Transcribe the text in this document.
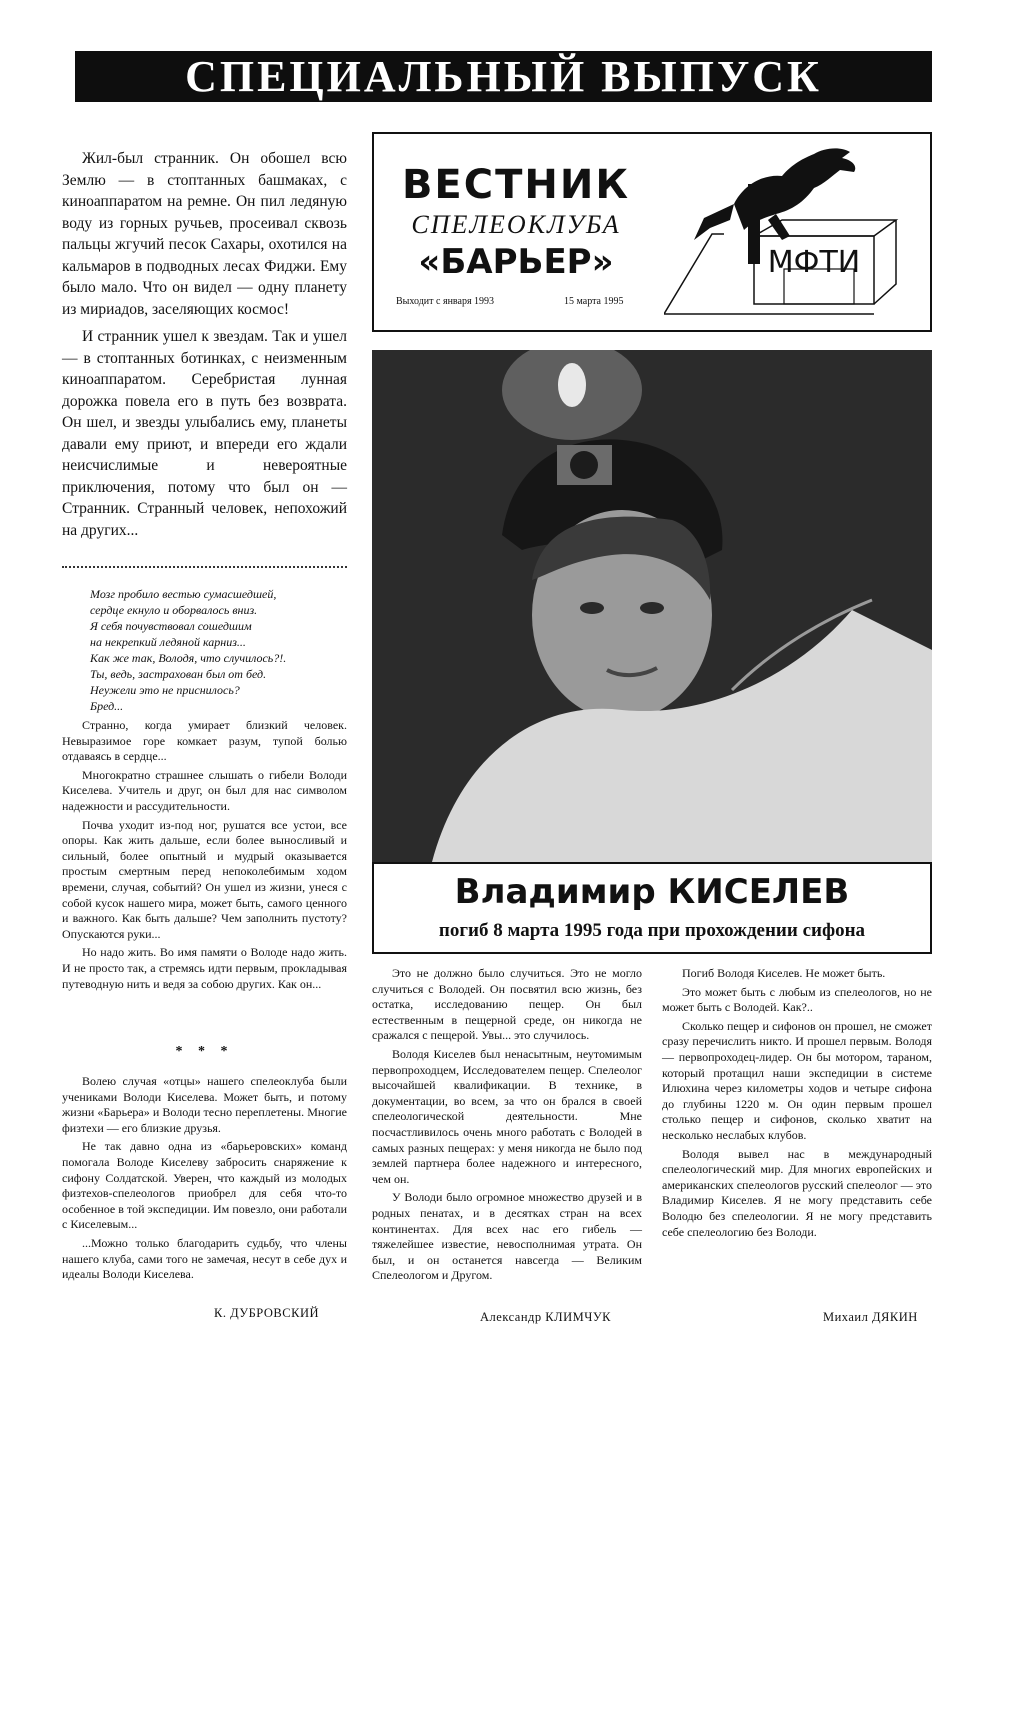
СПЕЦИАЛЬНЫЙ ВЫПУСК
ВЕСТНИК
СПЕЛЕОКЛУБА
«БАРЬЕР»
Выходит с января 1993	15 марта 1995
МФТИ

Жил-был странник. Он обошел всю Землю — в стоптанных башмаках, с киноаппаратом на ремне. Он пил ледяную воду из горных ручьев, просеивал сквозь пальцы жгучий песок Сахары, охотился на кальмаров в подводных лесах Фиджи. Ему было мало. Что он видел — одну планету из мириадов, заселяющих космос!

И странник ушел к звездам. Так и ушел — в стоптанных ботинках, с неизменным киноаппаратом. Серебристая лунная дорожка повела его в путь без возврата. Он шел, и звезды улыбались ему, планеты давали ему приют, и впереди его ждали неисчислимые и невероятные приключения, потому что был он — Странник. Странный человек, непохожий на других...

Мозг пробило вестью сумасшедшей,
сердце екнуло и оборвалось вниз.
Я себя почувствовал сошедшим
на некрепкий ледяной карниз...
Как же так, Володя, что случилось?!.
Ты, ведь, застрахован был от бед.
Неужели это не приснилось?
Бред...

Странно, когда умирает близкий человек. Невыразимое горе комкает разум, тупой болью отдаваясь в сердце...

Многократно страшнее слышать о гибели Володи Киселева. Учитель и друг, он был для нас символом надежности и рассудительности.

Почва уходит из-под ног, рушатся все устои, все опоры. Как жить дальше, если более выносливый и сильный, более опытный и мудрый оказывается простым смертным перед непоколебимым ходом времени, случая, событий? Он ушел из жизни, унеся с собой кусок нашего мира, может быть, самого ценного и важного. Как быть дальше? Чем заполнить пустоту? Опускаются руки...

Но надо жить. Во имя памяти о Володе надо жить. И не просто так, а стремясь идти первым, прокладывая путеводную нить и ведя за собою других. Как он...

* * *

Волею случая «отцы» нашего спелеоклуба были учениками Володи Киселева. Может быть, и потому жизни «Барьера» и Володи тесно переплетены. Многие физтехи — его близкие друзья.

Не так давно одна из «барьеровских» команд помогала Володе Киселеву забросить снаряжение к сифону Солдатской. Уверен, что каждый из молодых физтехов-спелеологов приобрел для себя что-то особенное в той экспедиции. Им повезло, они работали с Киселевым...

...Можно только благодарить судьбу, что члены нашего клуба, сами того не замечая, несут в себе дух и идеалы Володи Киселева.

К. ДУБРОВСКИЙ
Владимир КИСЕЛЕВ
погиб 8 марта 1995 года при прохождении сифона

Это не должно было случиться. Это не могло случиться с Володей. Он посвятил всю жизнь, без остатка, исследованию пещер. Он был естественным в пещерной среде, он никогда не сражался с пещерой. Увы... это случилось.

Володя Киселев был ненасытным, неутомимым первопроходцем, Исследователем пещер. Спелеолог высочайшей квалификации. В технике, в документации, во всем, за что он брался в своей спелеологической деятельности. Мне посчастливилось очень много работать с Володей в самых разных пещерах: у меня никогда не было под землей партнера более надежного и интересного, чем он.

У Володи было огромное множество друзей и в родных пенатах, и в десятках стран на всех континентах. Для всех нас его гибель — тяжелейшее известие, невосполнимая утрата. Он был, и он останется навсегда — Великим Спелеологом и Другом.

Александр КЛИМЧУК

Погиб Володя Киселев. Не может быть.

Это может быть с любым из спелеологов, но не может быть с Володей. Как?..

Сколько пещер и сифонов он прошел, не сможет сразу перечислить никто. И прошел первым. Володя — первопроходец-лидер. Он бы мотором, тараном, который протащил наши экспедиции в системе Илюхина через километры ходов и четыре сифона до глубины 1220 м. Он один первым прошел столько пещер и сифонов, сколько хватит на несколько неслабых клубов.

Володя вывел нас в международный спелеологический мир. Для многих европейских и американских спелеологов русский спелеолог — это Владимир Киселев. Я не могу представить себе Володю без спелеологии. Я не могу представить себе спелеологию без Володи.

Михаил ДЯКИН
